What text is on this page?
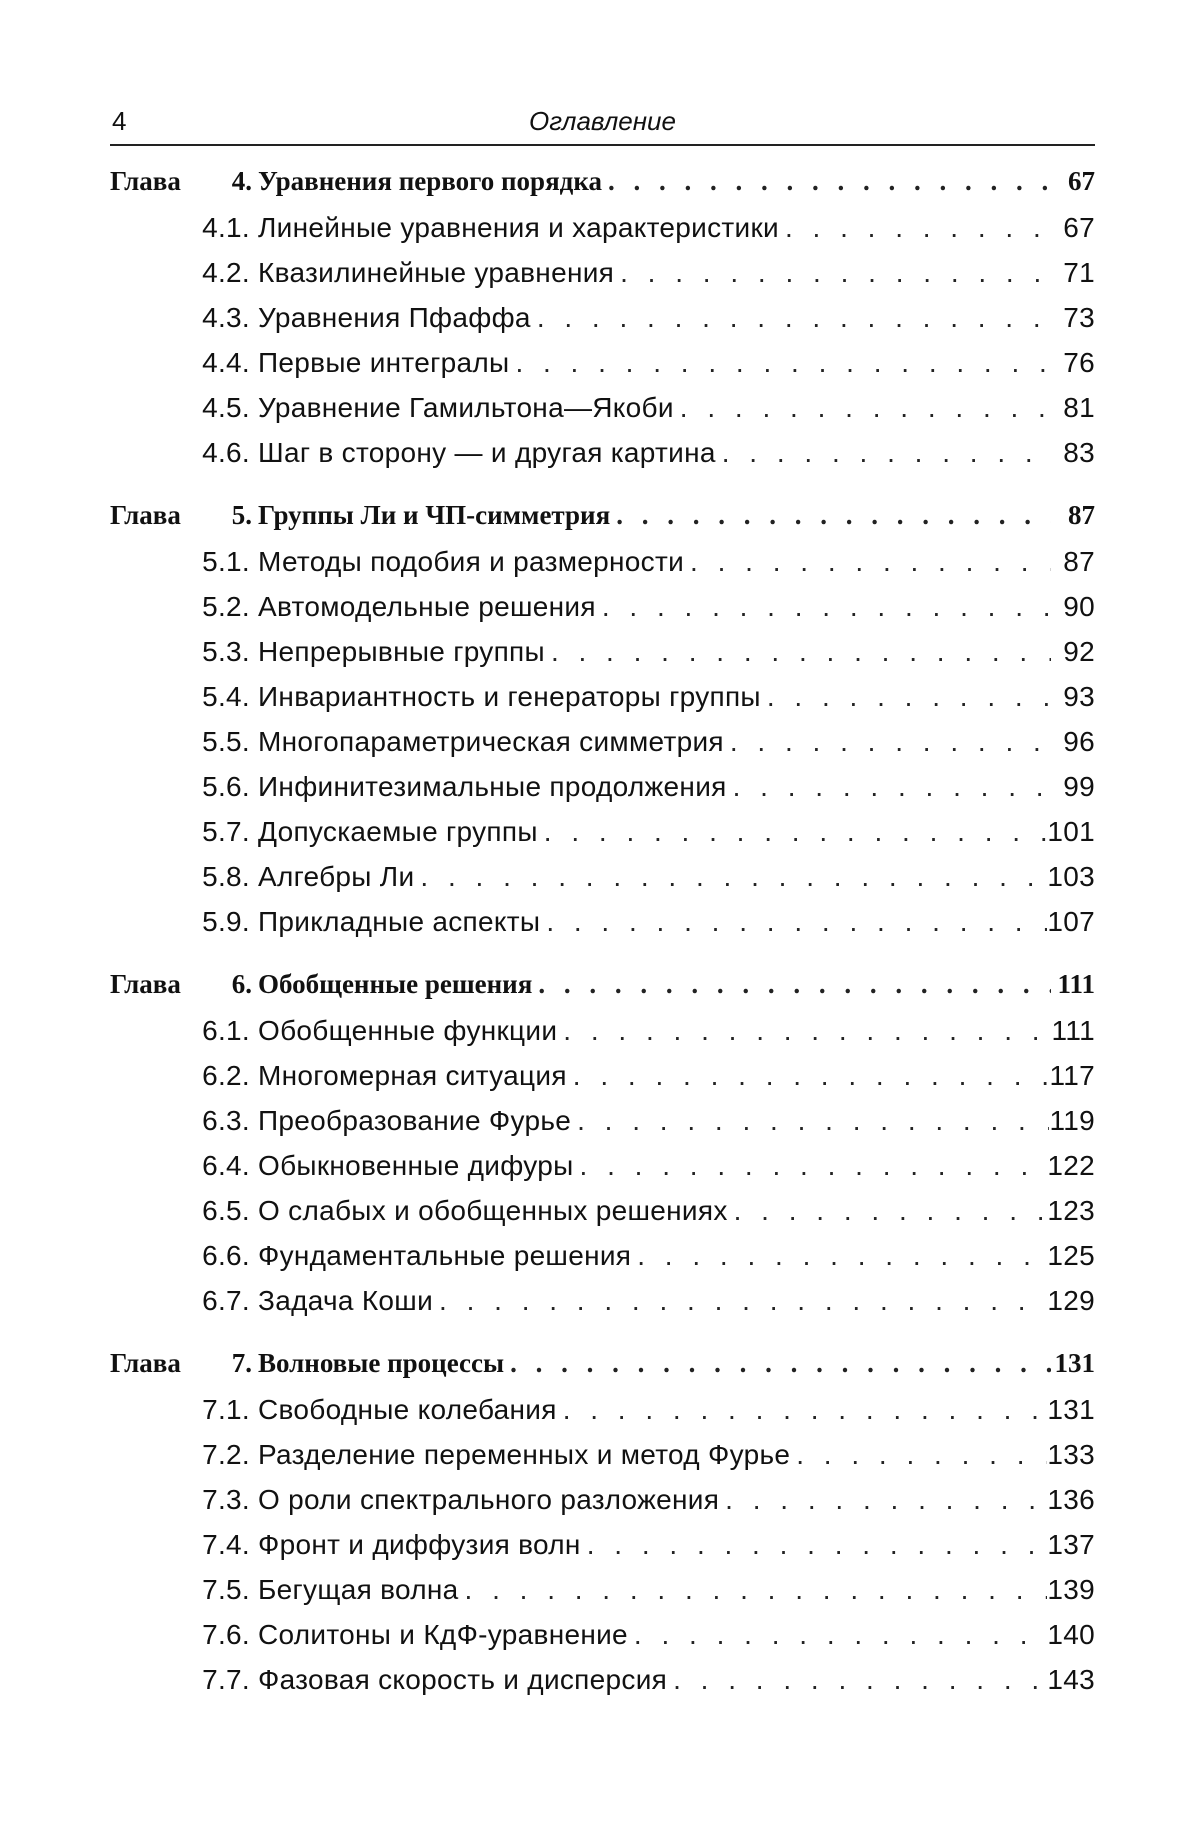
4	Оглавление
Глава	4. Уравнения первого порядка . . .	67
4.1. Линейные уравнения и характеристики . . .	67
4.2. Квазилинейные уравнения . . .	71
4.3. Уравнения Пфаффа . . .	73
4.4. Первые интегралы . . .	76
4.5. Уравнение Гамильтона—Якоби . . .	81
4.6. Шаг в сторону — и другая картина . . .	83
Глава	5. Группы Ли и ЧП-симметрия . . .	87
5.1. Методы подобия и размерности . . .	87
5.2. Автомодельные решения . . .	90
5.3. Непрерывные группы . . .	92
5.4. Инвариантность и генераторы группы . . .	93
5.5. Многопараметрическая симметрия . . .	96
5.6. Инфинитезимальные продолжения . . .	99
5.7. Допускаемые группы . . .	101
5.8. Алгебры Ли . . .	103
5.9. Прикладные аспекты . . .	107
Глава	6. Обобщенные решения . . .	111
6.1. Обобщенные функции . . .	111
6.2. Многомерная ситуация . . .	117
6.3. Преобразование Фурье . . .	119
6.4. Обыкновенные дифуры . . .	122
6.5. О слабых и обобщенных решениях . . .	123
6.6. Фундаментальные решения . . .	125
6.7. Задача Коши . . .	129
Глава	7. Волновые процессы . . .	131
7.1. Свободные колебания . . .	131
7.2. Разделение переменных и метод Фурье . . .	133
7.3. О роли спектрального разложения . . .	136
7.4. Фронт и диффузия волн . . .	137
7.5. Бегущая волна . . .	139
7.6. Солитоны и КдФ-уравнение . . .	140
7.7. Фазовая скорость и дисперсия . . .	143
